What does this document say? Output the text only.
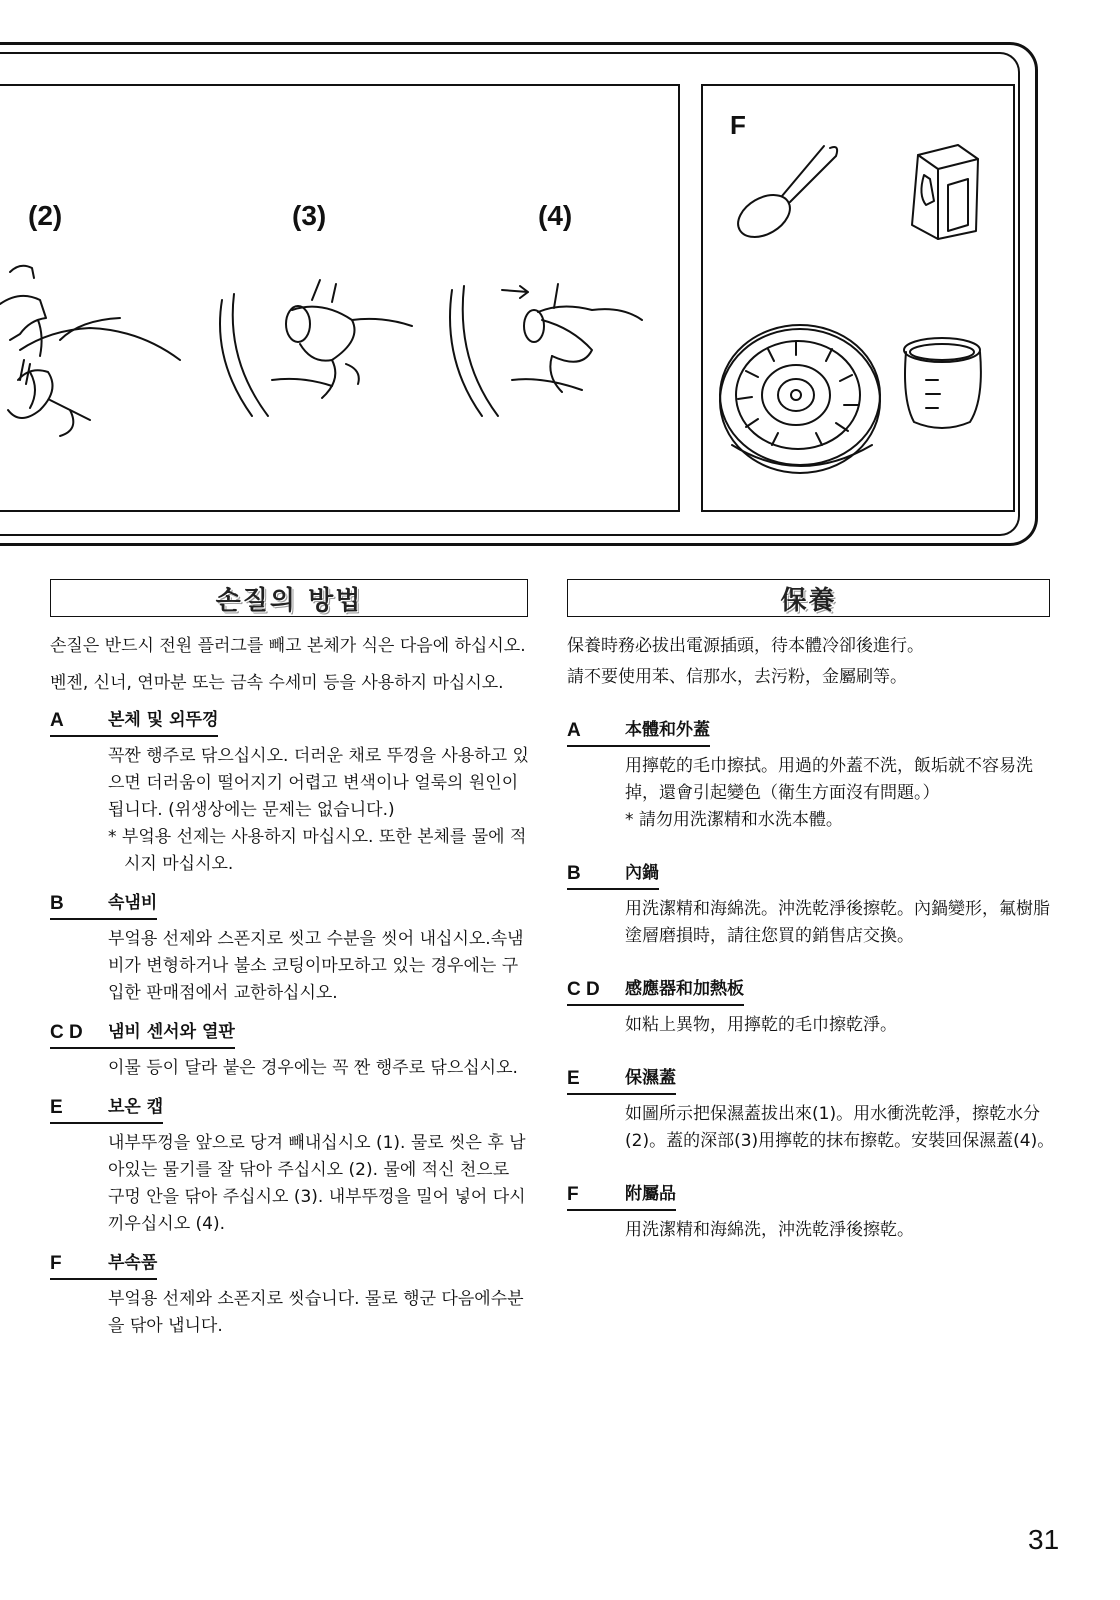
(2)	(3)	(4)
F
손질의 방법	保養

손질은 반드시 전원 플러그를 빼고 본체가 식은 다음에 하십시오.

벤젠, 신너, 연마분 또는 금속 수세미 등을 사용하지 마십시오.

A	본체 및 외뚜껑
꼭짠 행주로 닦으십시오. 더러운 채로 뚜껑을 사용하고 있으면 더러움이 떨어지기 어렵고 변색이나 얼룩의 원인이됩니다. (위생상에는 문제는 없습니다.)
* 부엌용 선제는 사용하지 마십시오. 또한 본체를 물에 적시지 마십시오.
B	속냄비
부엌용 선제와 스폰지로 씻고 수분을 씻어 내십시오.속냄비가 변형하거나 불소 코팅이마모하고 있는 경우에는 구입한 판매점에서 교한하십시오.
C D	냄비 센서와 열판
이물 등이 달라 붙은 경우에는 꼭 짠 행주로 닦으십시오.
E	보온 캡
내부뚜껑을 앞으로 당겨 빼내십시오 (1). 물로 씻은 후 남아있는 물기를 잘 닦아 주십시오 (2). 물에 적신 천으로 구멍 안을 닦아 주십시오 (3). 내부뚜껑을 밀어 넣어 다시 끼우십시오 (4).
F	부속품
부엌용 선제와 소폰지로 씻습니다. 물로 행군 다음에수분을 닦아 냅니다.

保養時務必拔出電源插頭，待本體冷卻後進行。

請不要使用苯、信那水，去污粉，金屬刷等。

A	本體和外蓋
用擰乾的毛巾擦拭。用過的外蓋不洗，飯垢就不容易洗掉，還會引起變色（衛生方面沒有問題。）
* 請勿用洗潔精和水洗本體。
B	內鍋
用洗潔精和海綿洗。沖洗乾淨後擦乾。內鍋變形，氟樹脂塗層磨損時，請往您買的銷售店交換。
C D	感應器和加熱板
如粘上異物，用擰乾的毛巾擦乾淨。
E	保濕蓋
如圖所示把保濕蓋拔出來(1)。用水衝洗乾淨，擦乾水分(2)。蓋的深部(3)用擰乾的抹布擦乾。安裝回保濕蓋(4)。
F	附屬品
用洗潔精和海綿洗，沖洗乾淨後擦乾。
31
